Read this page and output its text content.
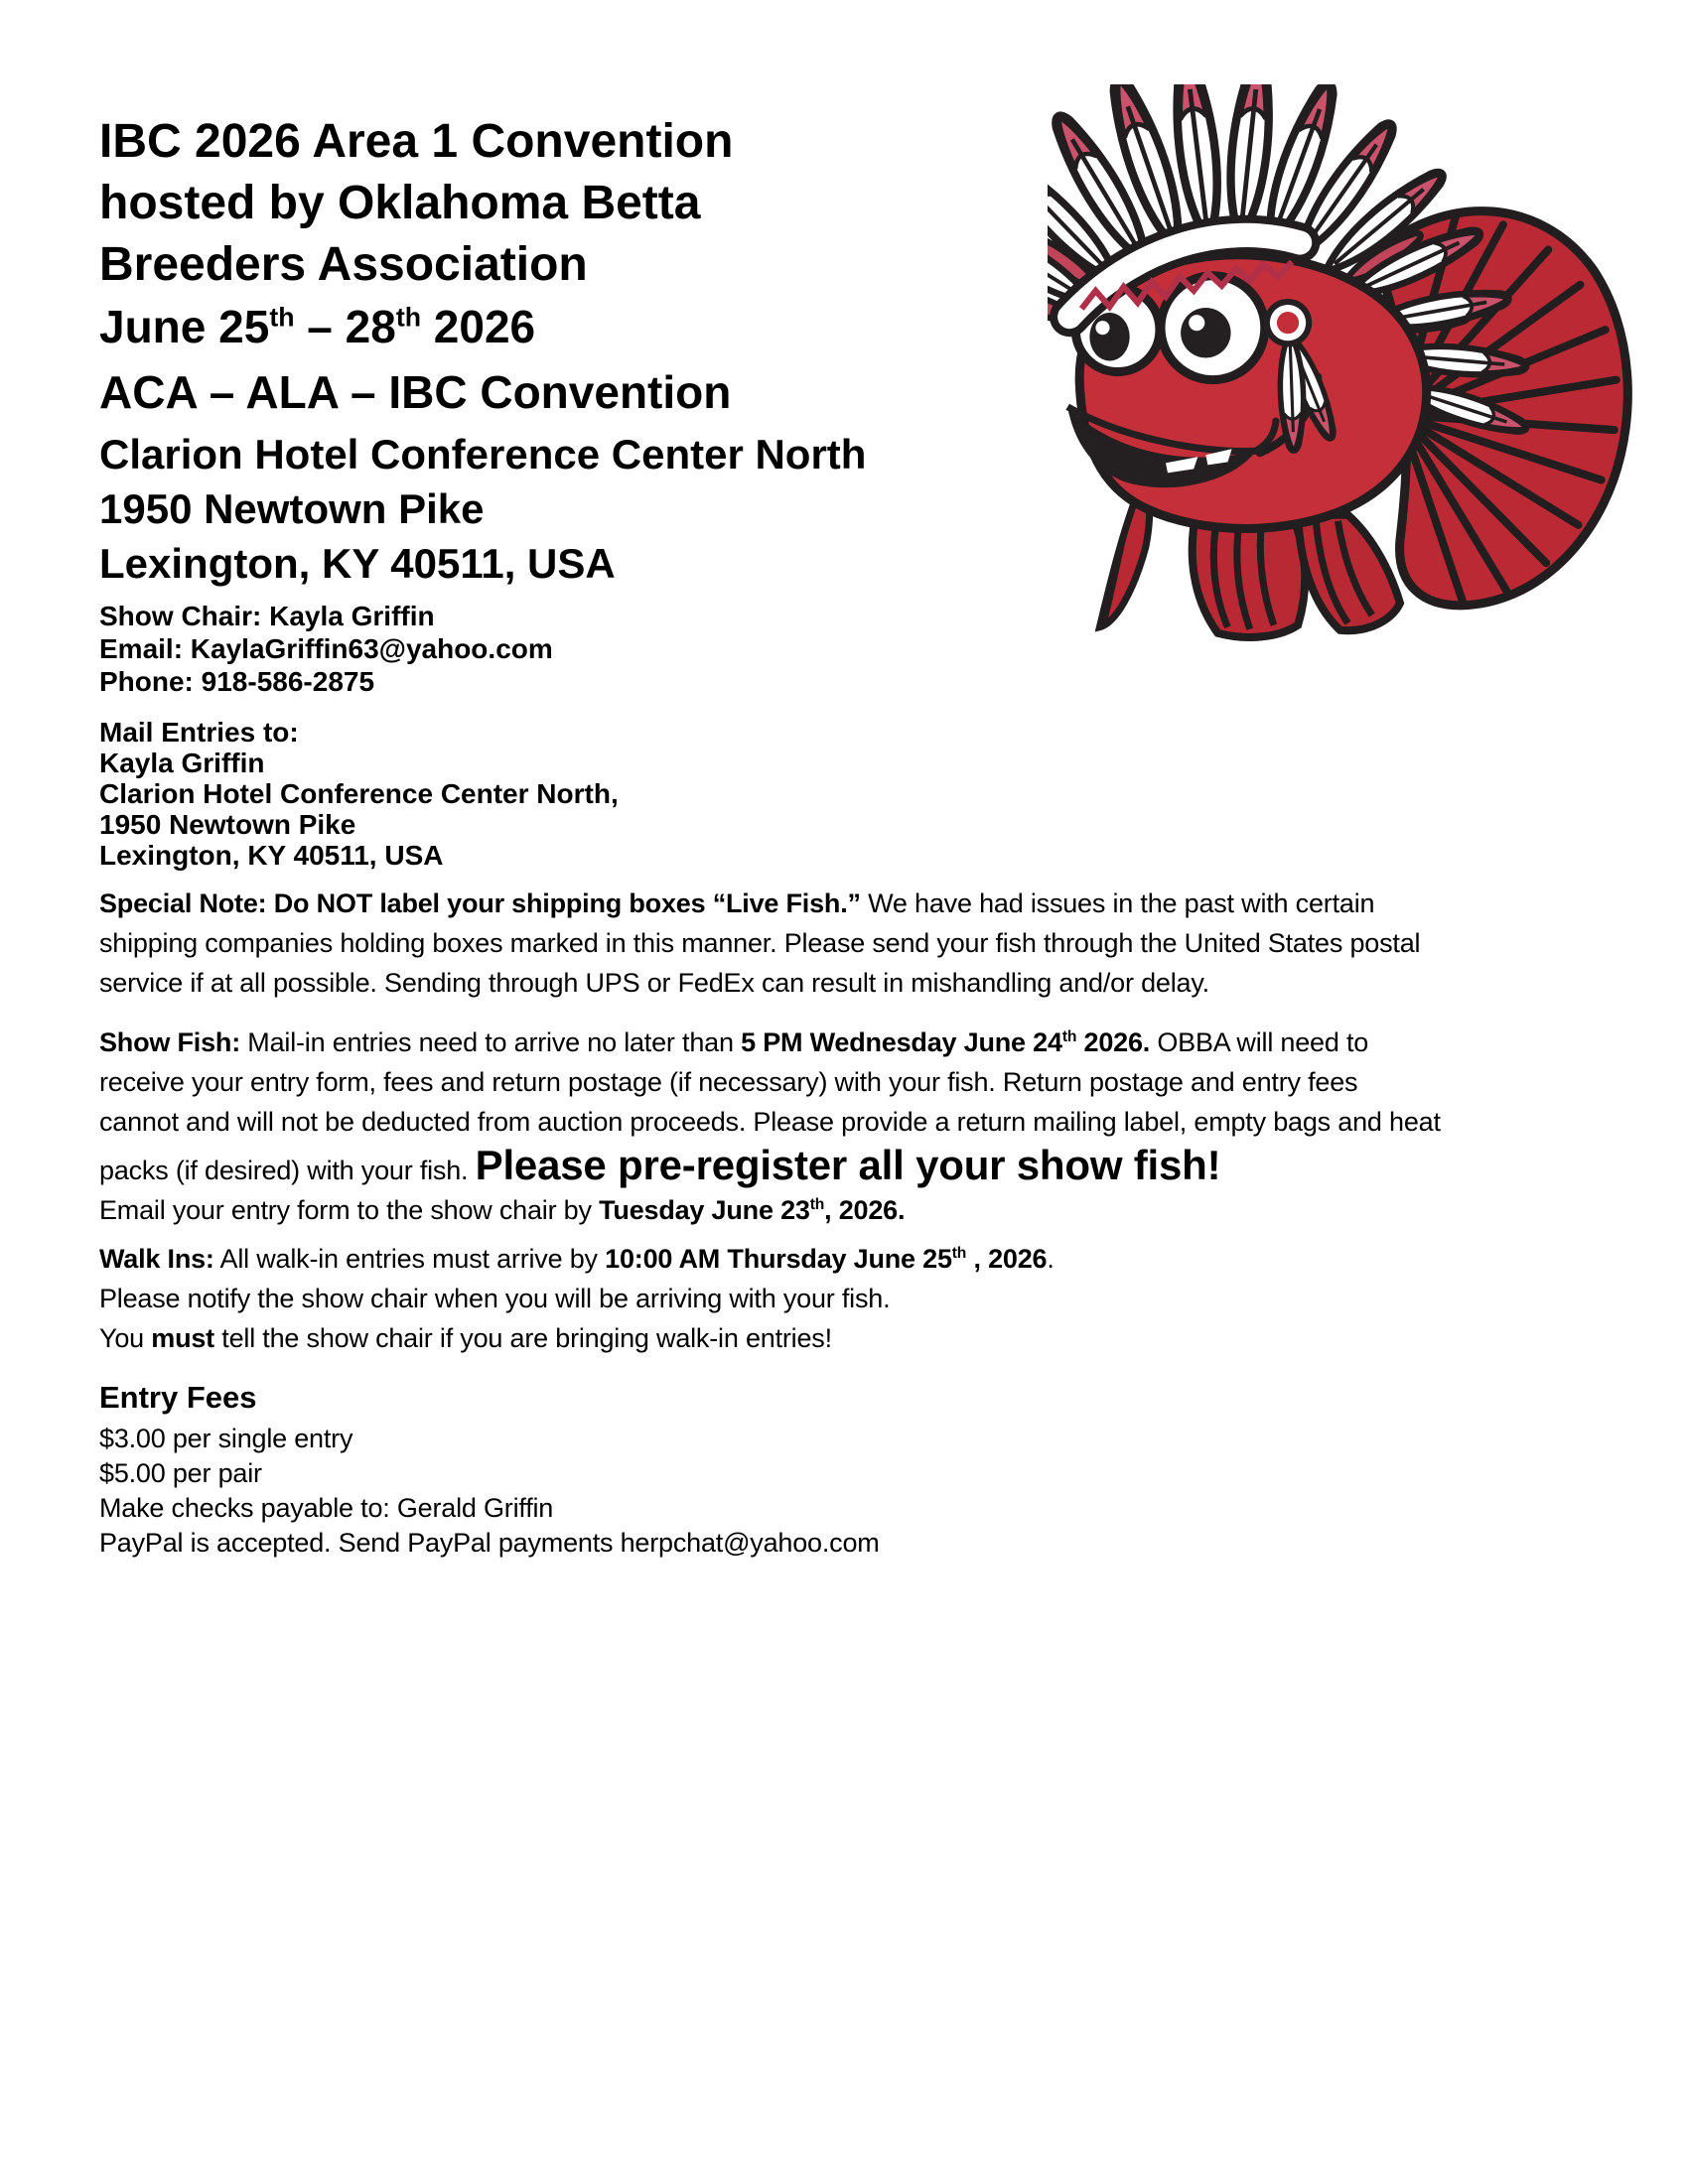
IBC 2026 Area 1 Convention
hosted by Oklahoma Betta
Breeders Association
June 25th – 28th 2026
ACA – ALA – IBC Convention
Clarion Hotel Conference Center North
1950 Newtown Pike
Lexington, KY 40511, USA
Show Chair: Kayla Griffin
Email: KaylaGriffin63@yahoo.com
Phone: 918-586-2875
Mail Entries to:
Kayla Griffin
Clarion Hotel Conference Center North,
1950 Newtown Pike
Lexington, KY 40511, USA
Special Note: Do NOT label your shipping boxes “Live Fish.” We have had issues in the past with certain shipping companies holding boxes marked in this manner. Please send your fish through the United States postal service if at all possible. Sending through UPS or FedEx can result in mishandling and/or delay.
Show Fish: Mail-in entries need to arrive no later than 5 PM Wednesday June 24th 2026. OBBA will need to receive your entry form, fees and return postage (if necessary) with your fish. Return postage and entry fees cannot and will not be deducted from auction proceeds. Please provide a return mailing label, empty bags and heat packs (if desired) with your fish. Please pre-register all your show fish!
Email your entry form to the show chair by Tuesday June 23th, 2026.
Walk Ins: All walk-in entries must arrive by 10:00 AM Thursday June 25th , 2026.
Please notify the show chair when you will be arriving with your fish.
You must tell the show chair if you are bringing walk-in entries!
Entry Fees
$3.00 per single entry
$5.00 per pair
Make checks payable to: Gerald Griffin
PayPal is accepted. Send PayPal payments herpchat@yahoo.com
